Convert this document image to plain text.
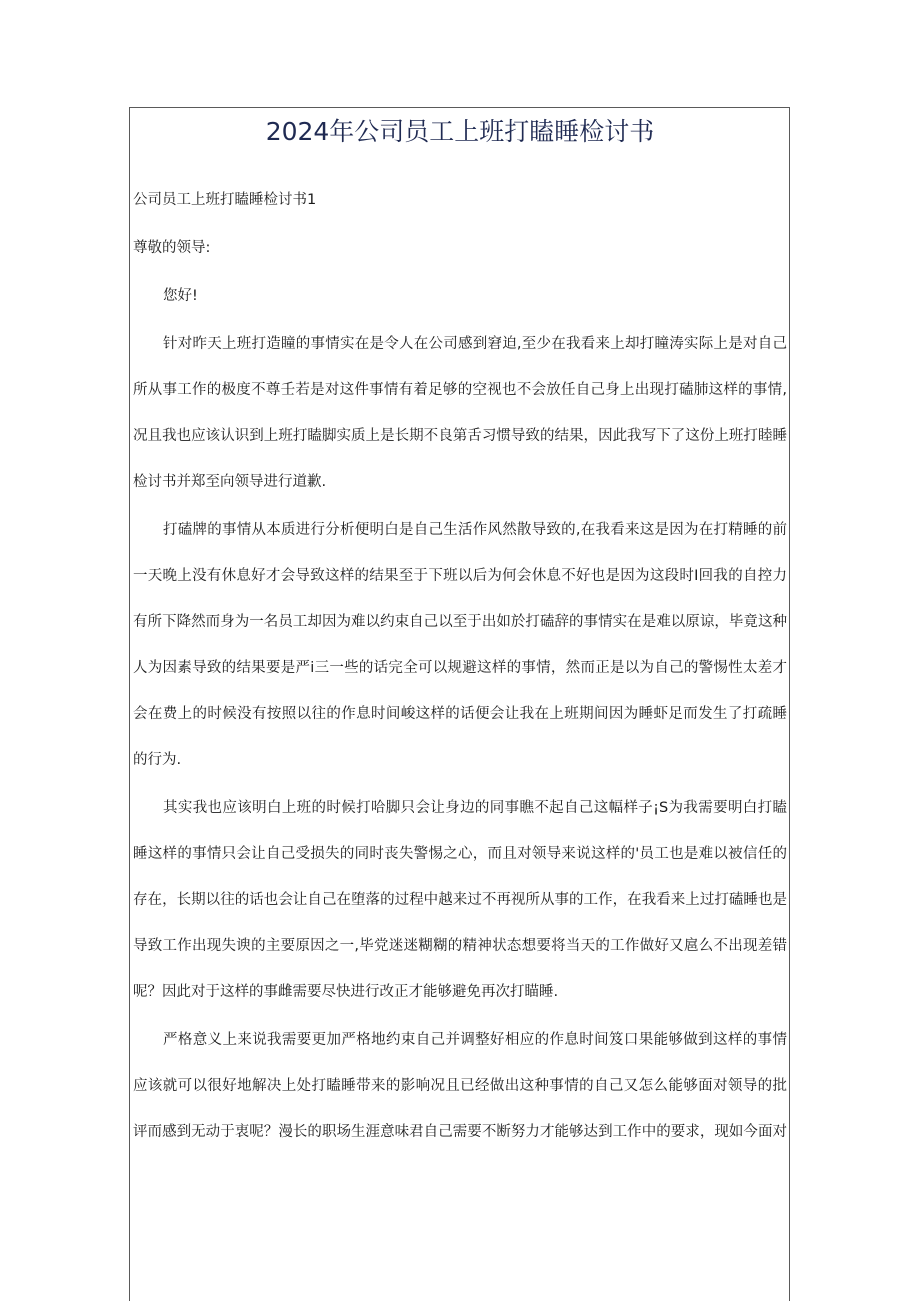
2024年公司员工上班打瞌睡检讨书
公司员工上班打瞌睡检讨书1
尊敬的领导:
您好!
针对昨天上班打造瞳的事情实在是令人在公司感到窘迫,至少在我看来上却打瞳涛实际上是对自己
所从事工作的极度不尊壬若是对这件事情有着足够的空视也不会放任自己身上出现打磕肺这样的事情,
况且我也应该认识到上班打瞌脚实质上是长期不良第舌习惯导致的结果，因此我写下了这份上班打睦睡
检讨书并郑至向领导进行道歉.
打磕牌的事情从本质进行分析便明白是自己生活作风然散导致的,在我看来这是因为在打精睡的前
一天晚上没有休息好才会导致这样的结果至于下班以后为何会休息不好也是因为这段时I回我的自控力
有所下降然而身为一名员工却因为难以约束自己以至于出如於打磕辞的事情实在是难以原谅，毕竟这种
人为因素导致的结果要是严i三一些的话完全可以规避这样的事情，然而正是以为自己的警惕性太差才
会在费上的时候没有按照以往的作息时间峻这样的话便会让我在上班期间因为睡虾足而发生了打疏睡
的行为.
其实我也应该明白上班的时候打哈脚只会让身边的同事瞧不起自己这幅样子¡S为我需要明白打瞌
睡这样的事情只会让自己受损失的同时丧失警惕之心，而且对领导来说这样的'员工也是难以被信任的
存在，长期以往的话也会让自己在堕落的过程中越来过不再视所从事的工作，在我看来上过打磕睡也是
导致工作出现失谀的主要原因之一,毕党迷迷糊糊的精神状态想要将当天的工作做好又扈么不出现差错
呢？因此对于这样的事雌需要尽快进行改正才能够避免再次打瞄睡.
严格意义上来说我需要更加严格地约束自己并调整好相应的作息时间笈口果能够做到这样的事情
应该就可以很好地解决上处打瞌睡带来的影响况且已经做出这种事情的自己又怎么能够面对领导的批
评而感到无动于衷呢？漫长的职场生涯意味君自己需要不断努力才能够达到工作中的要求，现如今面对
